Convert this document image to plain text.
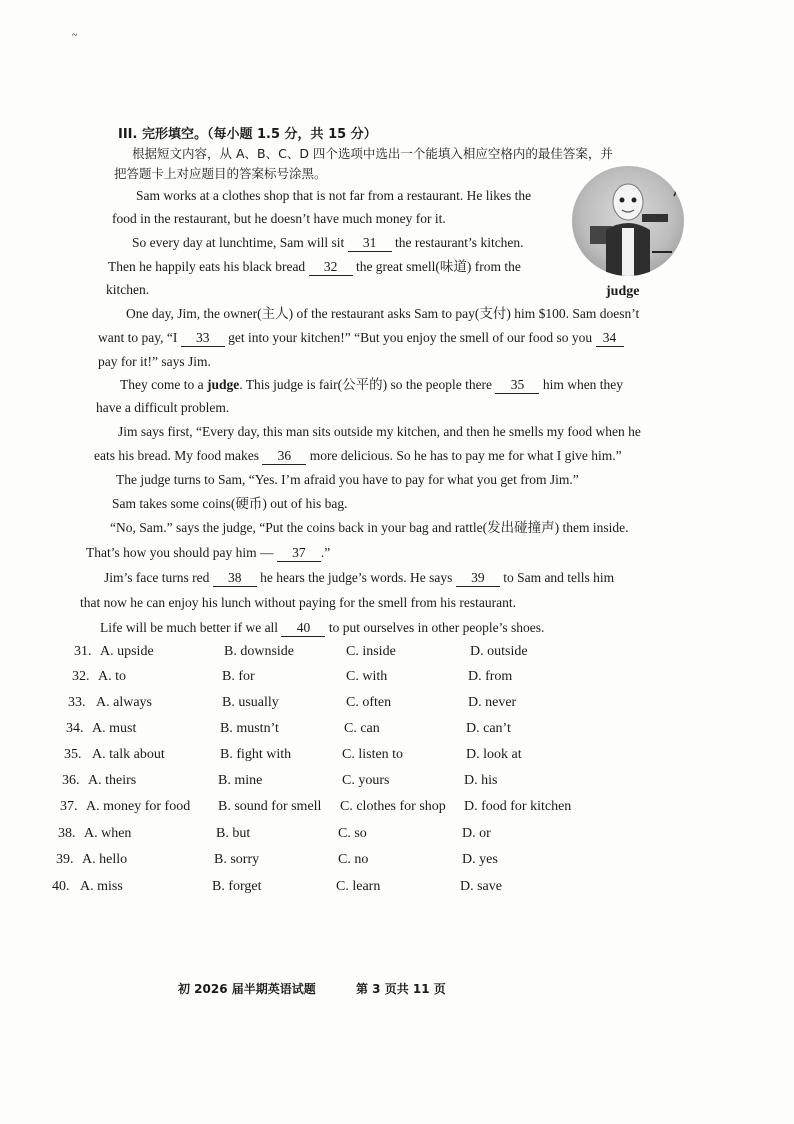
~
III. 完形填空。（每小题 1.5 分，共 15 分）
根据短文内容，从 A、B、C、D 四个选项中选出一个能填入相应空格内的最佳答案，并
把答题卡上对应题目的答案标号涂黑。
judge
Sam works at a clothes shop that is not far from a restaurant. He likes the
food in the restaurant, but he doesn’t have much money for it.
So every day at lunchtime, Sam will sit 31 the restaurant’s kitchen.
Then he happily eats his black bread 32 the great smell(味道) from the
kitchen.
One day, Jim, the owner(主人) of the restaurant asks Sam to pay(支付) him $100. Sam doesn’t
want to pay, “I 33 get into your kitchen!” “But you enjoy the smell of our food so you 34
pay for it!” says Jim.
They come to a judge. This judge is fair(公平的) so the people there 35 him when they
have a difficult problem.
Jim says first, “Every day, this man sits outside my kitchen, and then he smells my food when he
eats his bread. My food makes 36 more delicious. So he has to pay me for what I give him.”
The judge turns to Sam, “Yes. I’m afraid you have to pay for what you get from Jim.”
Sam takes some coins(硬币) out of his bag.
“No, Sam.” says the judge, “Put the coins back in your bag and rattle(发出碰撞声) them inside.
That’s how you should pay him — 37 .”
Jim’s face turns red 38 he hears the judge’s words. He says 39 to Sam and tells him
that now he can enjoy his lunch without paying for the smell from his restaurant.
Life will be much better if we all 40 to put ourselves in other people’s shoes.
31. A. upside	B. downside	C. inside	D. outside
32. A. to	B. for	C. with	D. from
33. A. always	B. usually	C. often	D. never
34. A. must	B. mustn’t	C. can	D. can’t
35. A. talk about	B. fight with	C. listen to	D. look at
36. A. theirs	B. mine	C. yours	D. his
37. A. money for food B. sound for smell C. clothes for shop D. food for kitchen
38. A. when	B. but	C. so	D. or
39. A. hello	B. sorry	C. no	D. yes
40. A. miss	B. forget	C. learn	D. save
初 2026 届半期英语试题	第 3 页共 11 页
